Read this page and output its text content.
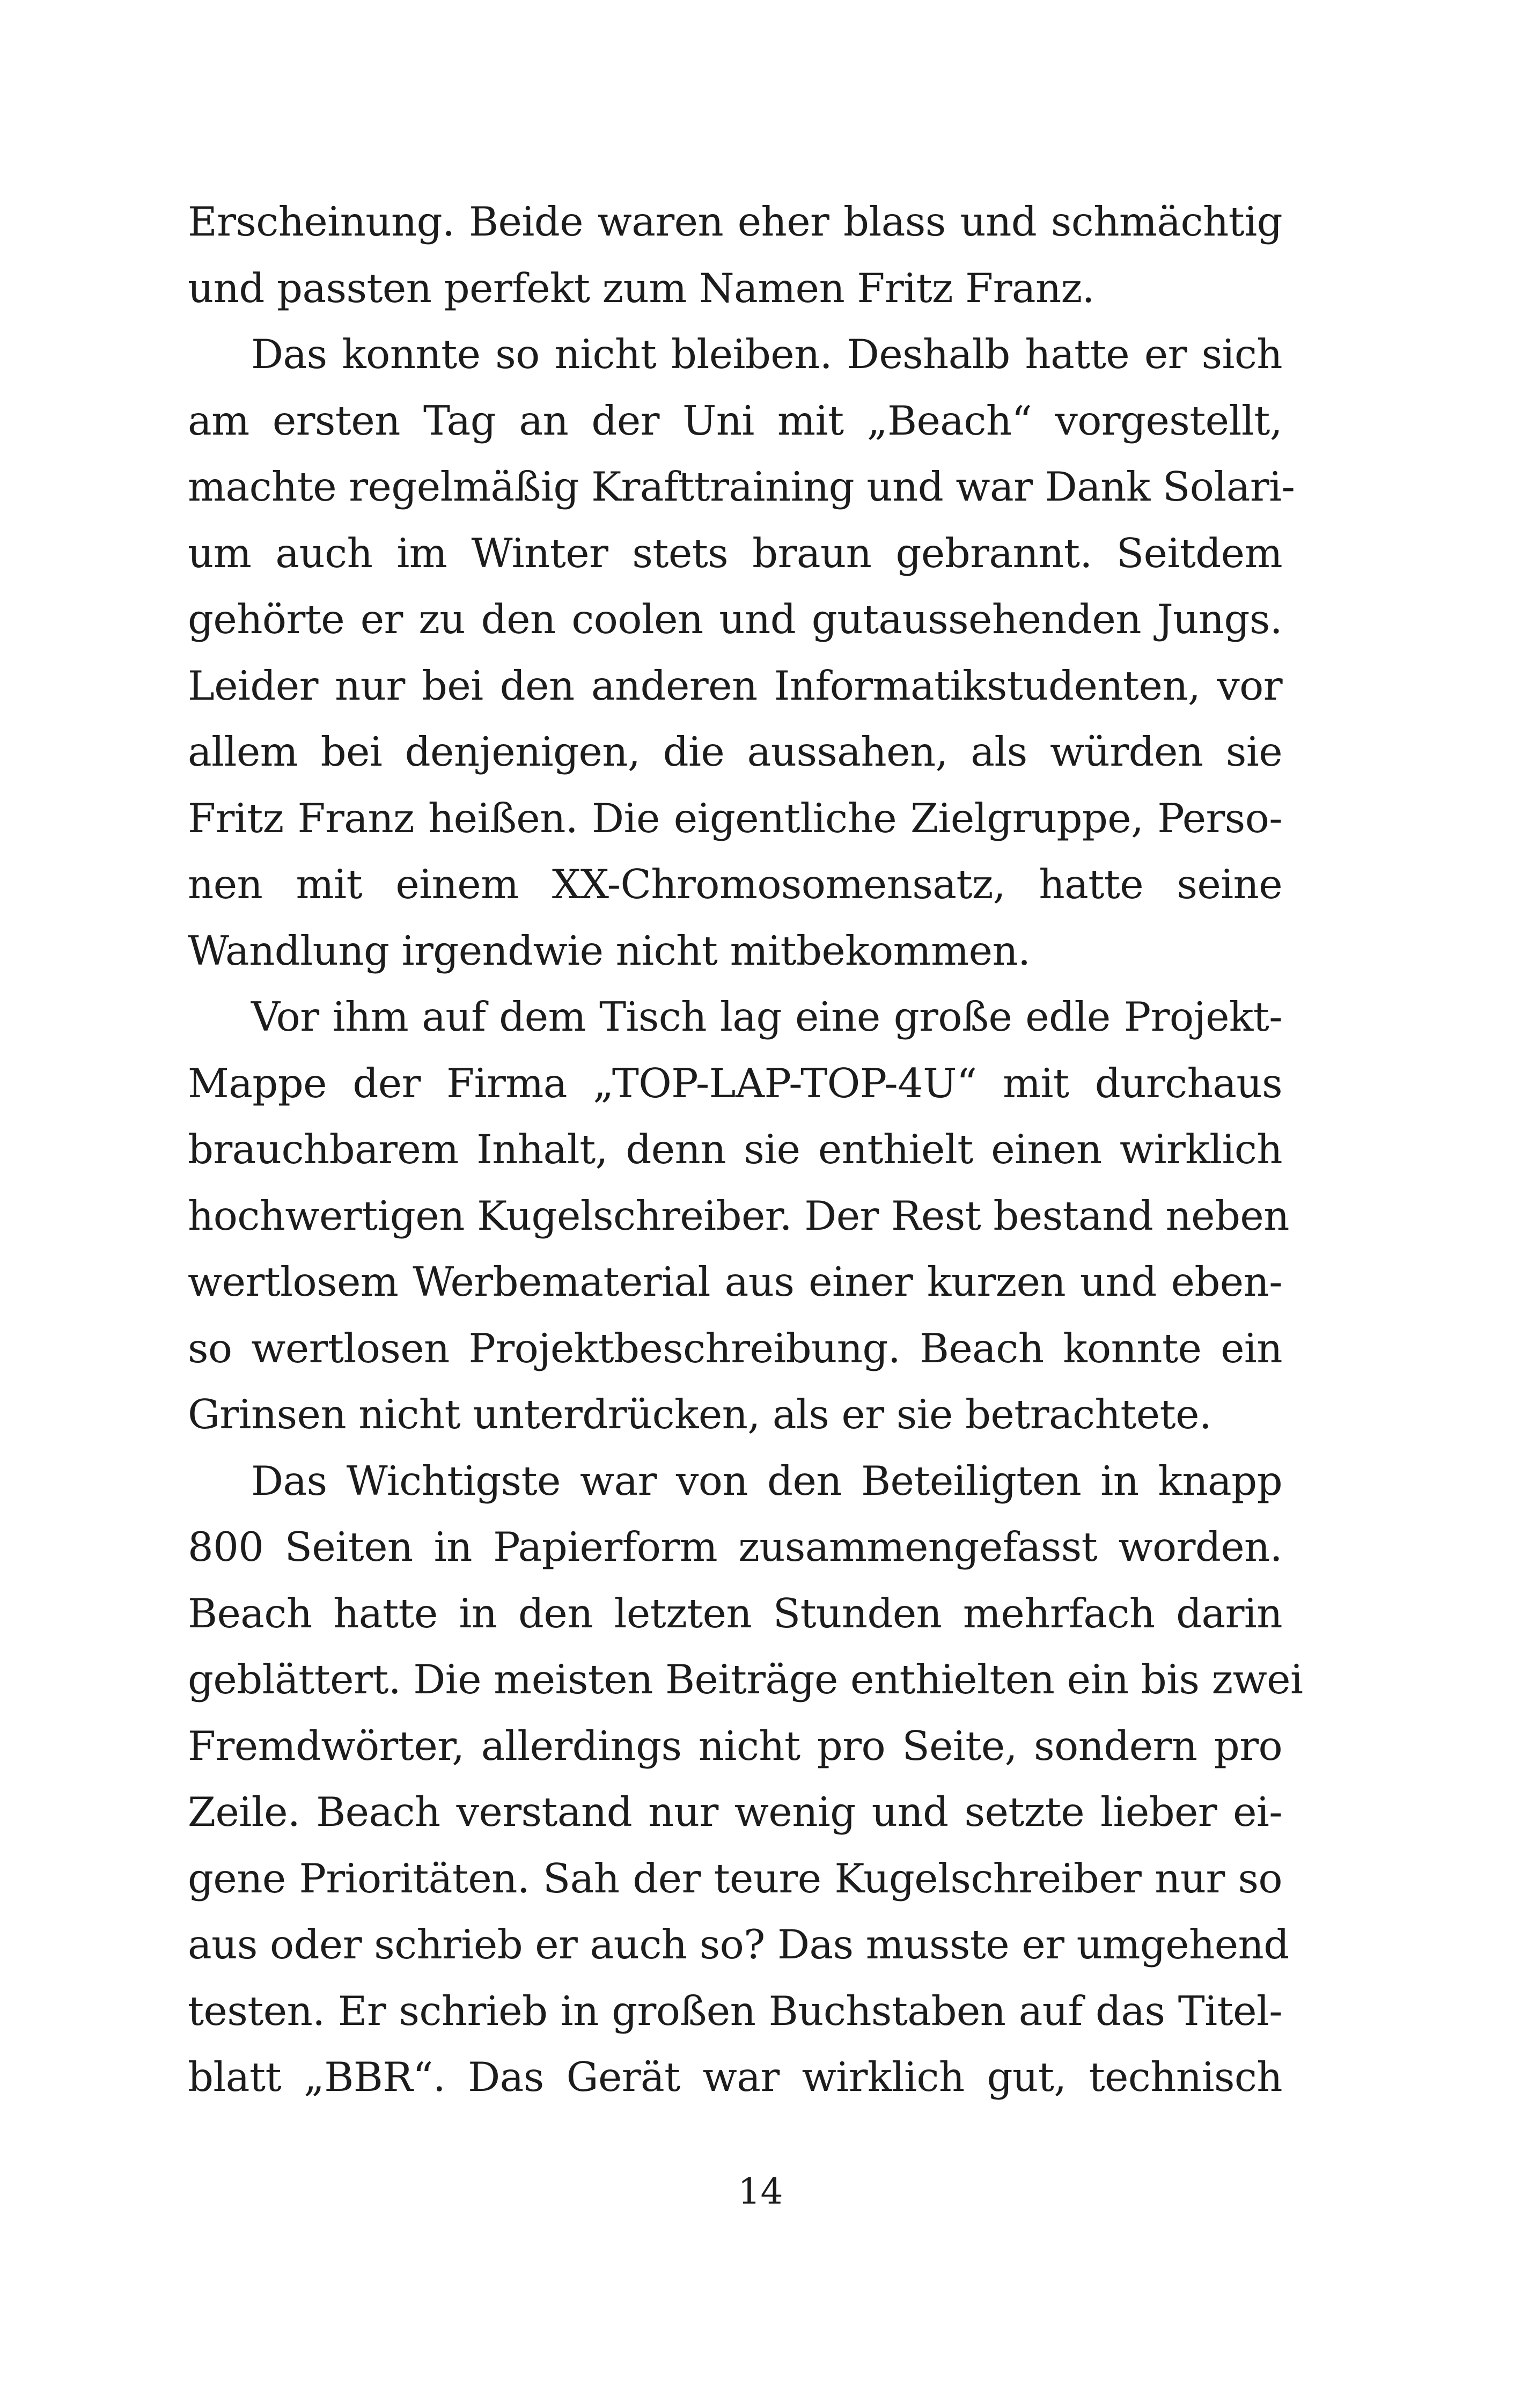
Erscheinung. Beide waren eher blass und schmächtig
und passten perfekt zum Namen Fritz Franz.
Das konnte so nicht bleiben. Deshalb hatte er sich
am ersten Tag an der Uni mit „Beach“ vorgestellt,
machte regelmäßig Krafttraining und war Dank Solari-
um auch im Winter stets braun gebrannt. Seitdem
gehörte er zu den coolen und gutaussehenden Jungs.
Leider nur bei den anderen Informatikstudenten, vor
allem bei denjenigen, die aussahen, als würden sie
Fritz Franz heißen. Die eigentliche Zielgruppe, Perso-
nen mit einem XX-Chromosomensatz, hatte seine
Wandlung irgendwie nicht mitbekommen.
Vor ihm auf dem Tisch lag eine große edle Projekt-
Mappe der Firma „TOP-LAP-TOP-4U“ mit durchaus
brauchbarem Inhalt, denn sie enthielt einen wirklich
hochwertigen Kugelschreiber. Der Rest bestand neben
wertlosem Werbematerial aus einer kurzen und eben-
so wertlosen Projektbeschreibung. Beach konnte ein
Grinsen nicht unterdrücken, als er sie betrachtete.
Das Wichtigste war von den Beteiligten in knapp
800 Seiten in Papierform zusammengefasst worden.
Beach hatte in den letzten Stunden mehrfach darin
geblättert. Die meisten Beiträge enthielten ein bis zwei
Fremdwörter, allerdings nicht pro Seite, sondern pro
Zeile. Beach verstand nur wenig und setzte lieber ei-
gene Prioritäten. Sah der teure Kugelschreiber nur so
aus oder schrieb er auch so? Das musste er umgehend
testen. Er schrieb in großen Buchstaben auf das Titel-
blatt „BBR“. Das Gerät war wirklich gut, technisch
14
